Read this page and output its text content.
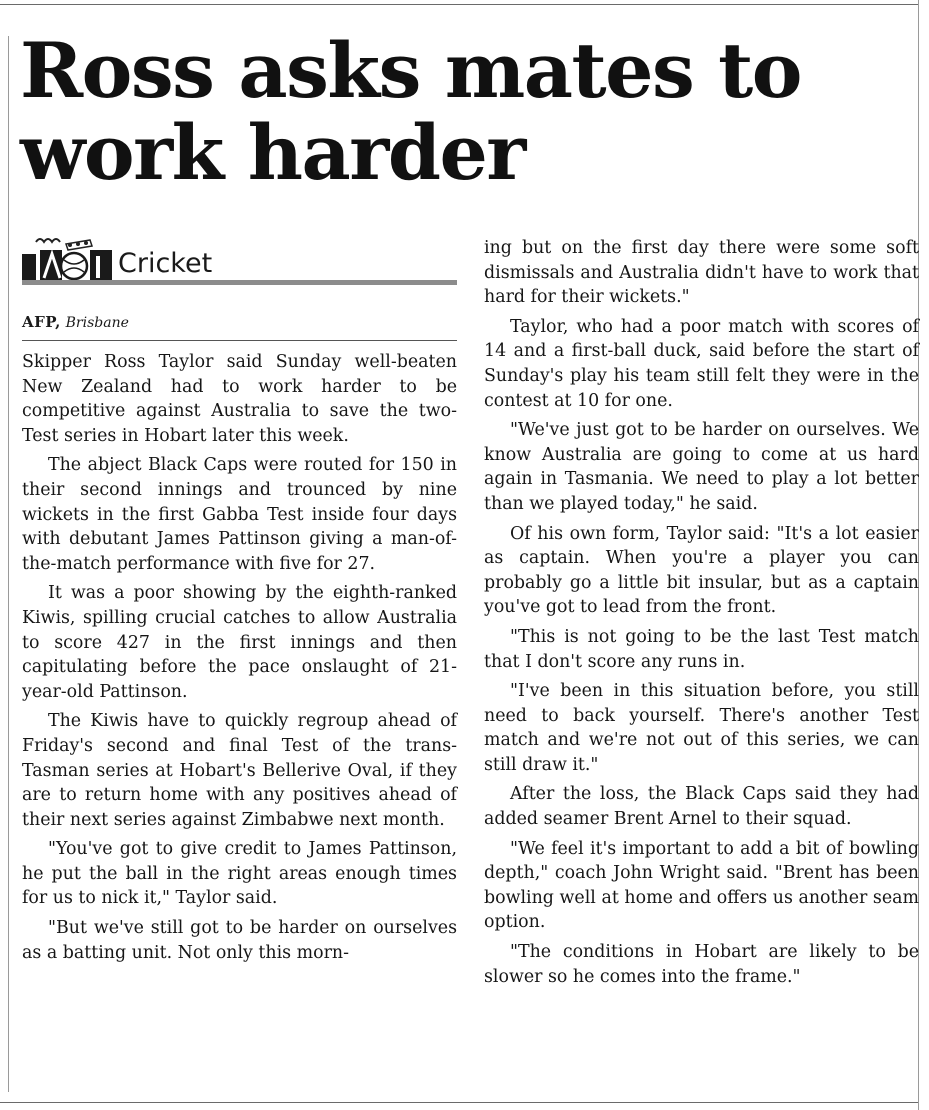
Ross asks mates to work harder
Cricket
AFP, Brisbane

Skipper Ross Taylor said Sunday well-beaten New Zealand had to work harder to be competitive against Australia to save the two-Test series in Hobart later this week.

The abject Black Caps were routed for 150 in their second innings and trounced by nine wickets in the first Gabba Test inside four days with debutant James Pattinson giving a man-of-the-match performance with five for 27.

It was a poor showing by the eighth-ranked Kiwis, spilling crucial catches to allow Australia to score 427 in the first innings and then capitulating before the pace onslaught of 21-year-old Pattinson.

The Kiwis have to quickly regroup ahead of Friday's second and final Test of the trans-Tasman series at Hobart's Bellerive Oval, if they are to return home with any positives ahead of their next series against Zimbabwe next month.

"You've got to give credit to James Pattinson, he put the ball in the right areas enough times for us to nick it," Taylor said.

"But we've still got to be harder on ourselves as a batting unit. Not only this morn-

ing but on the first day there were some soft dismissals and Australia didn't have to work that hard for their wickets."

Taylor, who had a poor match with scores of 14 and a first-ball duck, said before the start of Sunday's play his team still felt they were in the contest at 10 for one.

"We've just got to be harder on ourselves. We know Australia are going to come at us hard again in Tasmania. We need to play a lot better than we played today," he said.

Of his own form, Taylor said: "It's a lot easier as captain. When you're a player you can probably go a little bit insular, but as a captain you've got to lead from the front.

"This is not going to be the last Test match that I don't score any runs in.

"I've been in this situation before, you still need to back yourself. There's another Test match and we're not out of this series, we can still draw it."

After the loss, the Black Caps said they had added seamer Brent Arnel to their squad.

"We feel it's important to add a bit of bowling depth," coach John Wright said. "Brent has been bowling well at home and offers us another seam option.

"The conditions in Hobart are likely to be slower so he comes into the frame."
